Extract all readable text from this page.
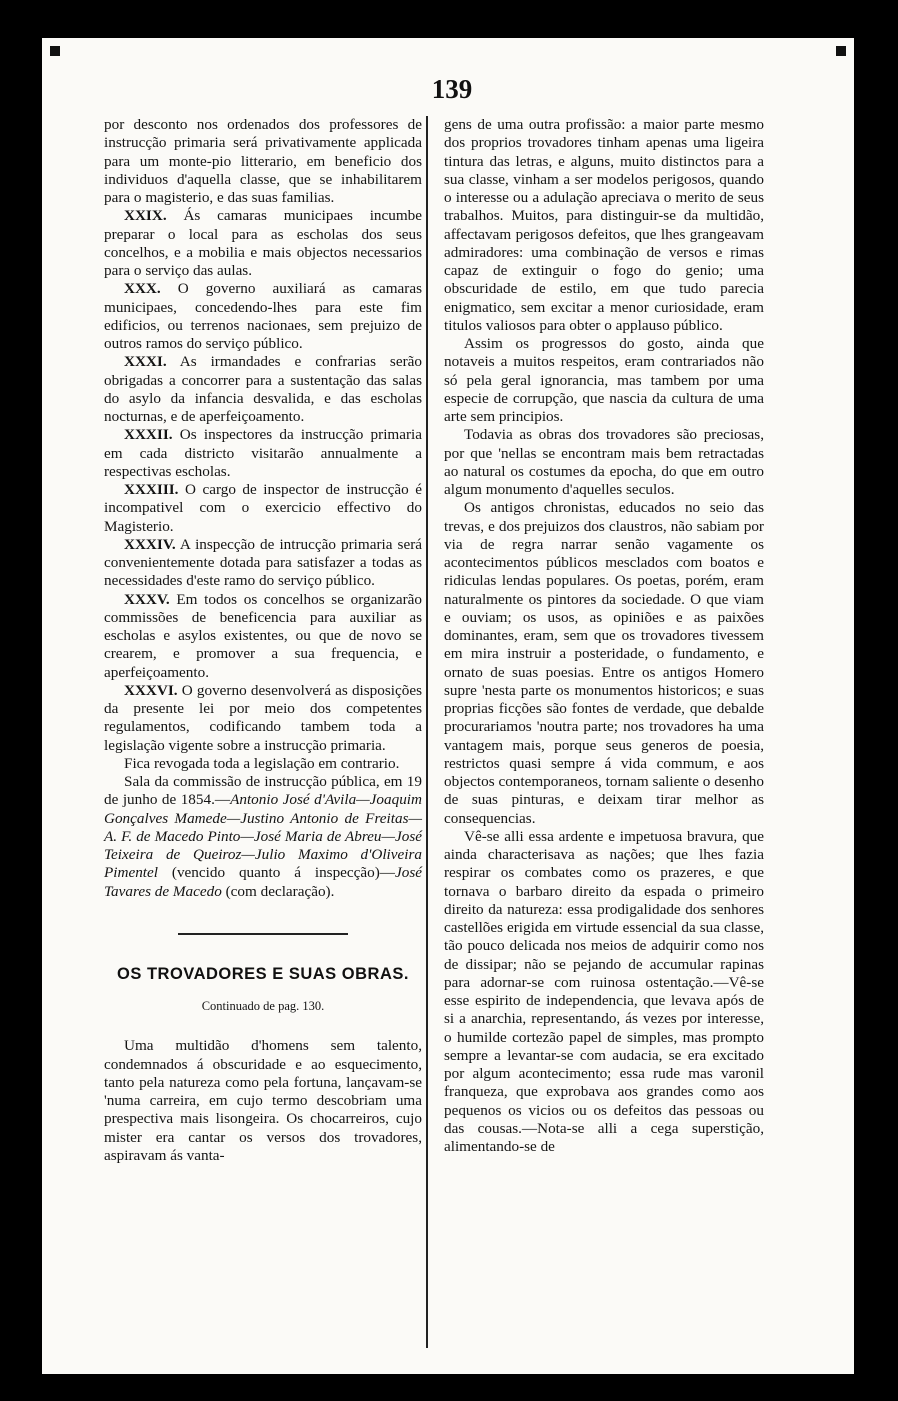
139

por desconto nos ordenados dos professores de instrucção primaria será privativamente applicada para um monte-pio litterario, em beneficio dos individuos d'aquella classe, que se inhabilitarem para o magisterio, e das suas familias.

XXIX. Ás camaras municipaes incumbe preparar o local para as escholas dos seus concelhos, e a mobilia e mais objectos necessarios para o serviço das aulas.

XXX. O governo auxiliará as camaras municipaes, concedendo-lhes para este fim edificios, ou terrenos nacionaes, sem prejuizo de outros ramos do serviço público.

XXXI. As irmandades e confrarias serão obrigadas a concorrer para a sustentação das salas do asylo da infancia desvalida, e das escholas nocturnas, e de aperfeiçoamento.

XXXII. Os inspectores da instrucção primaria em cada districto visitarão annualmente a respectivas escholas.

XXXIII. O cargo de inspector de instrucção é incompativel com o exercicio effectivo do Magisterio.

XXXIV. A inspecção de intrucção primaria será convenientemente dotada para satisfazer a todas as necessidades d'este ramo do serviço público.

XXXV. Em todos os concelhos se organizarão commissões de beneficencia para auxiliar as escholas e asylos existentes, ou que de novo se crearem, e promover a sua frequencia, e aperfeiçoamento.

XXXVI. O governo desenvolverá as disposições da presente lei por meio dos competentes regulamentos, codificando tambem toda a legislação vigente sobre a instrucção primaria.

Fica revogada toda a legislação em contrario.

Sala da commissão de instrucção pública, em 19 de junho de 1854.—Antonio José d'Avila—Joaquim Gonçalves Mamede—Justino Antonio de Freitas—A. F. de Macedo Pinto—José Maria de Abreu—José Teixeira de Queiroz—Julio Maximo d'Oliveira Pimentel (vencido quanto á inspecção)—José Tavares de Macedo (com declaração).

OS TROVADORES E SUAS OBRAS.
Continuado de pag. 130.

Uma multidão d'homens sem talento, condemnados á obscuridade e ao esquecimento, tanto pela natureza como pela fortuna, lançavam-se 'numa carreira, em cujo termo descobriam uma prespectiva mais lisongeira. Os chocarreiros, cujo mister era cantar os versos dos trovadores, aspiravam ás vanta-

gens de uma outra profissão: a maior parte mesmo dos proprios trovadores tinham apenas uma ligeira tintura das letras, e alguns, muito distinctos para a sua classe, vinham a ser modelos perigosos, quando o interesse ou a adulação apreciava o merito de seus trabalhos. Muitos, para distinguir-se da multidão, affectavam perigosos defeitos, que lhes grangeavam admiradores: uma combinação de versos e rimas capaz de extinguir o fogo do genio; uma obscuridade de estilo, em que tudo parecia enigmatico, sem excitar a menor curiosidade, eram titulos valiosos para obter o applauso público.

Assim os progressos do gosto, ainda que notaveis a muitos respeitos, eram contrariados não só pela geral ignorancia, mas tambem por uma especie de corrupção, que nascia da cultura de uma arte sem principios.

Todavia as obras dos trovadores são preciosas, por que 'nellas se encontram mais bem retractadas ao natural os costumes da epocha, do que em outro algum monumento d'aquelles seculos.

Os antigos chronistas, educados no seio das trevas, e dos prejuizos dos claustros, não sabiam por via de regra narrar senão vagamente os acontecimentos públicos mesclados com boatos e ridiculas lendas populares. Os poetas, porém, eram naturalmente os pintores da sociedade. O que viam e ouviam; os usos, as opiniões e as paixões dominantes, eram, sem que os trovadores tivessem em mira instruir a posteridade, o fundamento, e ornato de suas poesias. Entre os antigos Homero supre 'nesta parte os monumentos historicos; e suas proprias ficções são fontes de verdade, que debalde procurariamos 'noutra parte; nos trovadores ha uma vantagem mais, porque seus generos de poesia, restrictos quasi sempre á vida commum, e aos objectos contemporaneos, tornam saliente o desenho de suas pinturas, e deixam tirar melhor as consequencias.

Vê-se alli essa ardente e impetuosa bravura, que ainda characterisava as nações; que lhes fazia respirar os combates como os prazeres, e que tornava o barbaro direito da espada o primeiro direito da natureza: essa prodigalidade dos senhores castellões erigida em virtude essencial da sua classe, tão pouco delicada nos meios de adquirir como nos de dissipar; não se pejando de accumular rapinas para adornar-se com ruinosa ostentação.—Vê-se esse espirito de independencia, que levava após de si a anarchia, representando, ás vezes por interesse, o humilde cortezão papel de simples, mas prompto sempre a levantar-se com audacia, se era excitado por algum acontecimento; essa rude mas varonil franqueza, que exprobava aos grandes como aos pequenos os vicios ou os defeitos das pessoas ou das cousas.—Nota-se alli a cega superstição, alimentando-se de
